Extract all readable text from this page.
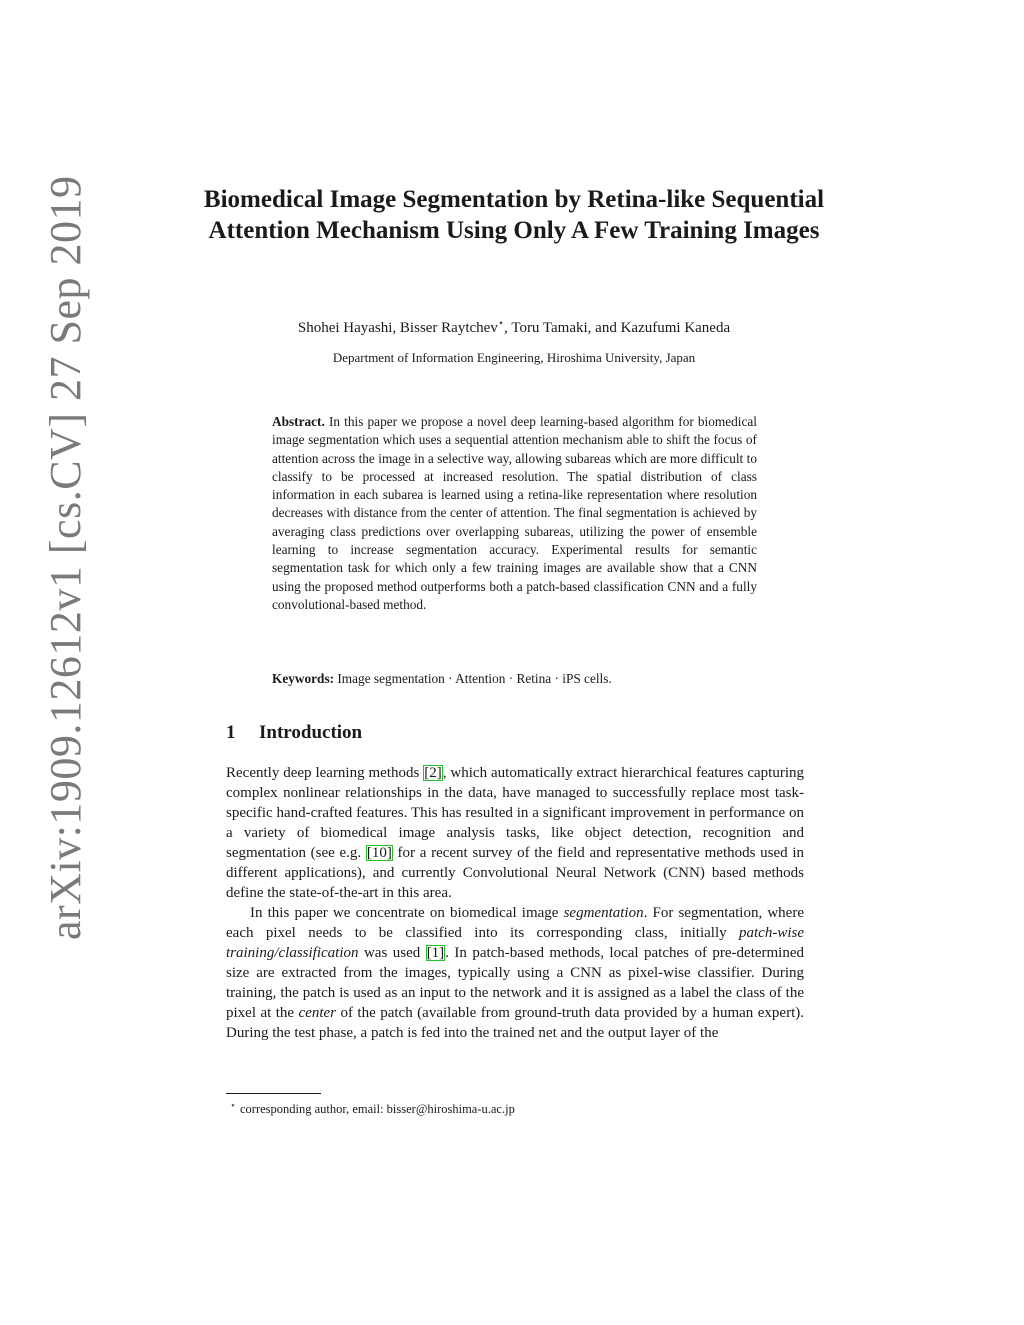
arXiv:1909.12612v1 [cs.CV] 27 Sep 2019	Biomedical Image Segmentation by Retina-like Sequential Attention Mechanism Using Only A Few Training Images
Shohei Hayashi, Bisser Raytchev⋆, Toru Tamaki, and Kazufumi Kaneda
Department of Information Engineering, Hiroshima University, Japan
Abstract. In this paper we propose a novel deep learning-based algorithm for biomedical image segmentation which uses a sequential attention mechanism able to shift the focus of attention across the image in a selective way, allowing subareas which are more difficult to classify to be processed at increased resolution. The spatial distribution of class information in each subarea is learned using a retina-like representation where resolution decreases with distance from the center of attention. The final segmentation is achieved by averaging class predictions over overlapping subareas, utilizing the power of ensemble learning to increase segmentation accuracy. Experimental results for semantic segmentation task for which only a few training images are available show that a CNN using the proposed method outperforms both a patch-based classification CNN and a fully convolutional-based method.
Keywords: Image segmentation · Attention · Retina · iPS cells.
1 Introduction

Recently deep learning methods [2], which automatically extract hierarchical features capturing complex nonlinear relationships in the data, have managed to successfully replace most task-specific hand-crafted features. This has resulted in a significant improvement in performance on a variety of biomedical image analysis tasks, like object detection, recognition and segmentation (see e.g. [10] for a recent survey of the field and representative methods used in different applications), and currently Convolutional Neural Network (CNN) based methods define the state-of-the-art in this area.

In this paper we concentrate on biomedical image segmentation. For segmentation, where each pixel needs to be classified into its corresponding class, initially patch-wise training/classification was used [1]. In patch-based methods, local patches of pre-determined size are extracted from the images, typically using a CNN as pixel-wise classifier. During training, the patch is used as an input to the network and it is assigned as a label the class of the pixel at the center of the patch (available from ground-truth data provided by a human expert). During the test phase, a patch is fed into the trained net and the output layer of the

⋆ corresponding author, email: bisser@hiroshima-u.ac.jp
